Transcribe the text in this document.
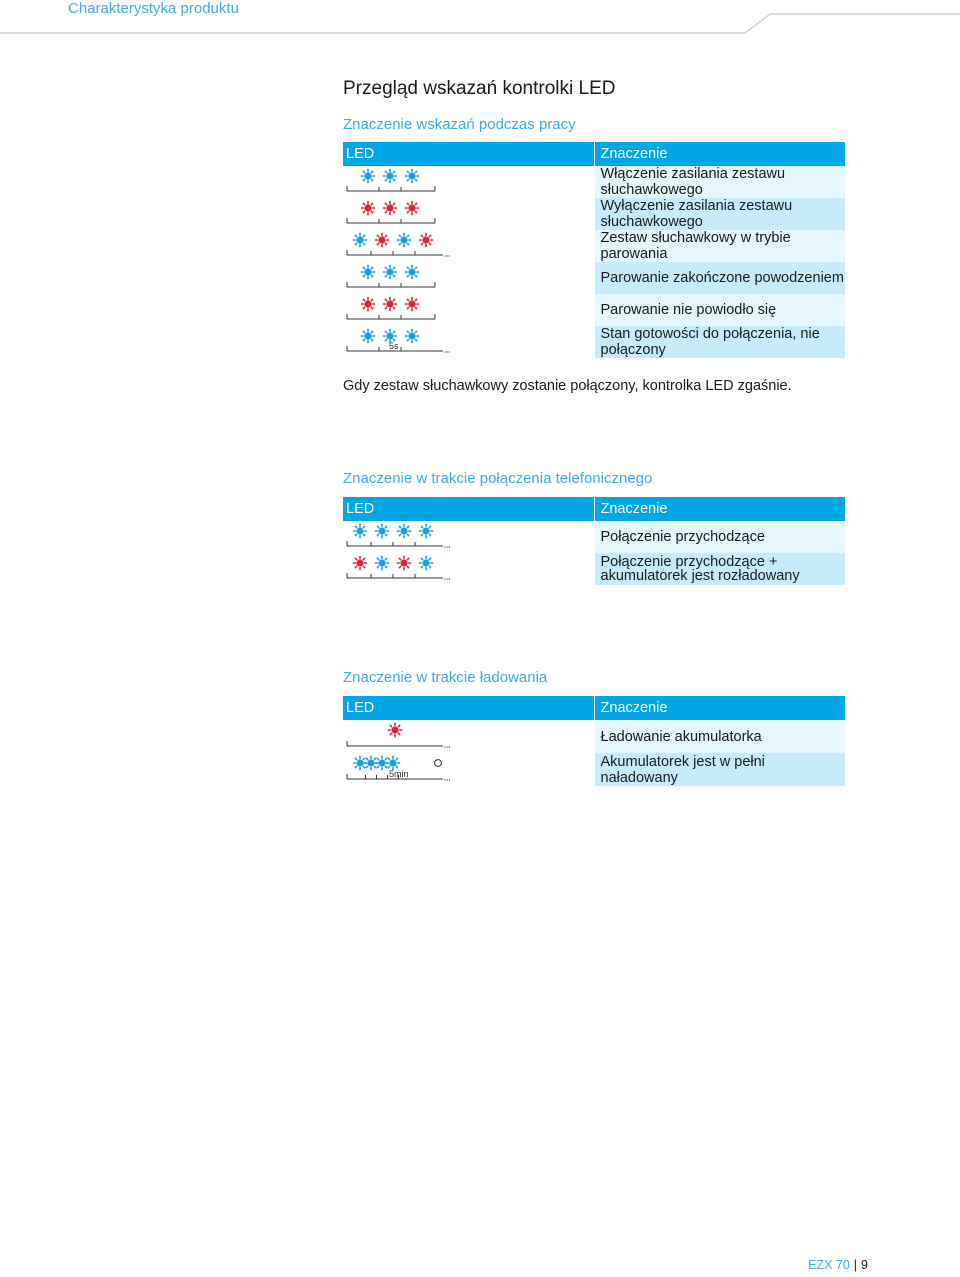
Charakterystyka produktu
Przegląd wskazań kontrolki LED
Znaczenie wskazań podczas pracy
LED	Znaczenie

	Włączenie zasilania zestawu słuchawkowego

	Wyłączenie zasilania zestawu słuchawkowego

	Zestaw słuchawkowy w trybie parowania

	Parowanie zakończone powodzeniem

	Parowanie nie powiodło się

5s	Stan gotowości do połączenia, nie połączony
Gdy zestaw słuchawkowy zostanie połączony, kontrolka LED zgaśnie.
Znaczenie w trakcie połączenia telefonicznego
LED	Znaczenie

	Połączenie przychodzące

	Połączenie przychodzące + akumulatorek jest rozładowany
Znaczenie w trakcie ładowania
LED	Znaczenie

	Ładowanie akumulatorka

5min	Akumulatorek jest w pełni naładowany
EZX 70 | 9
